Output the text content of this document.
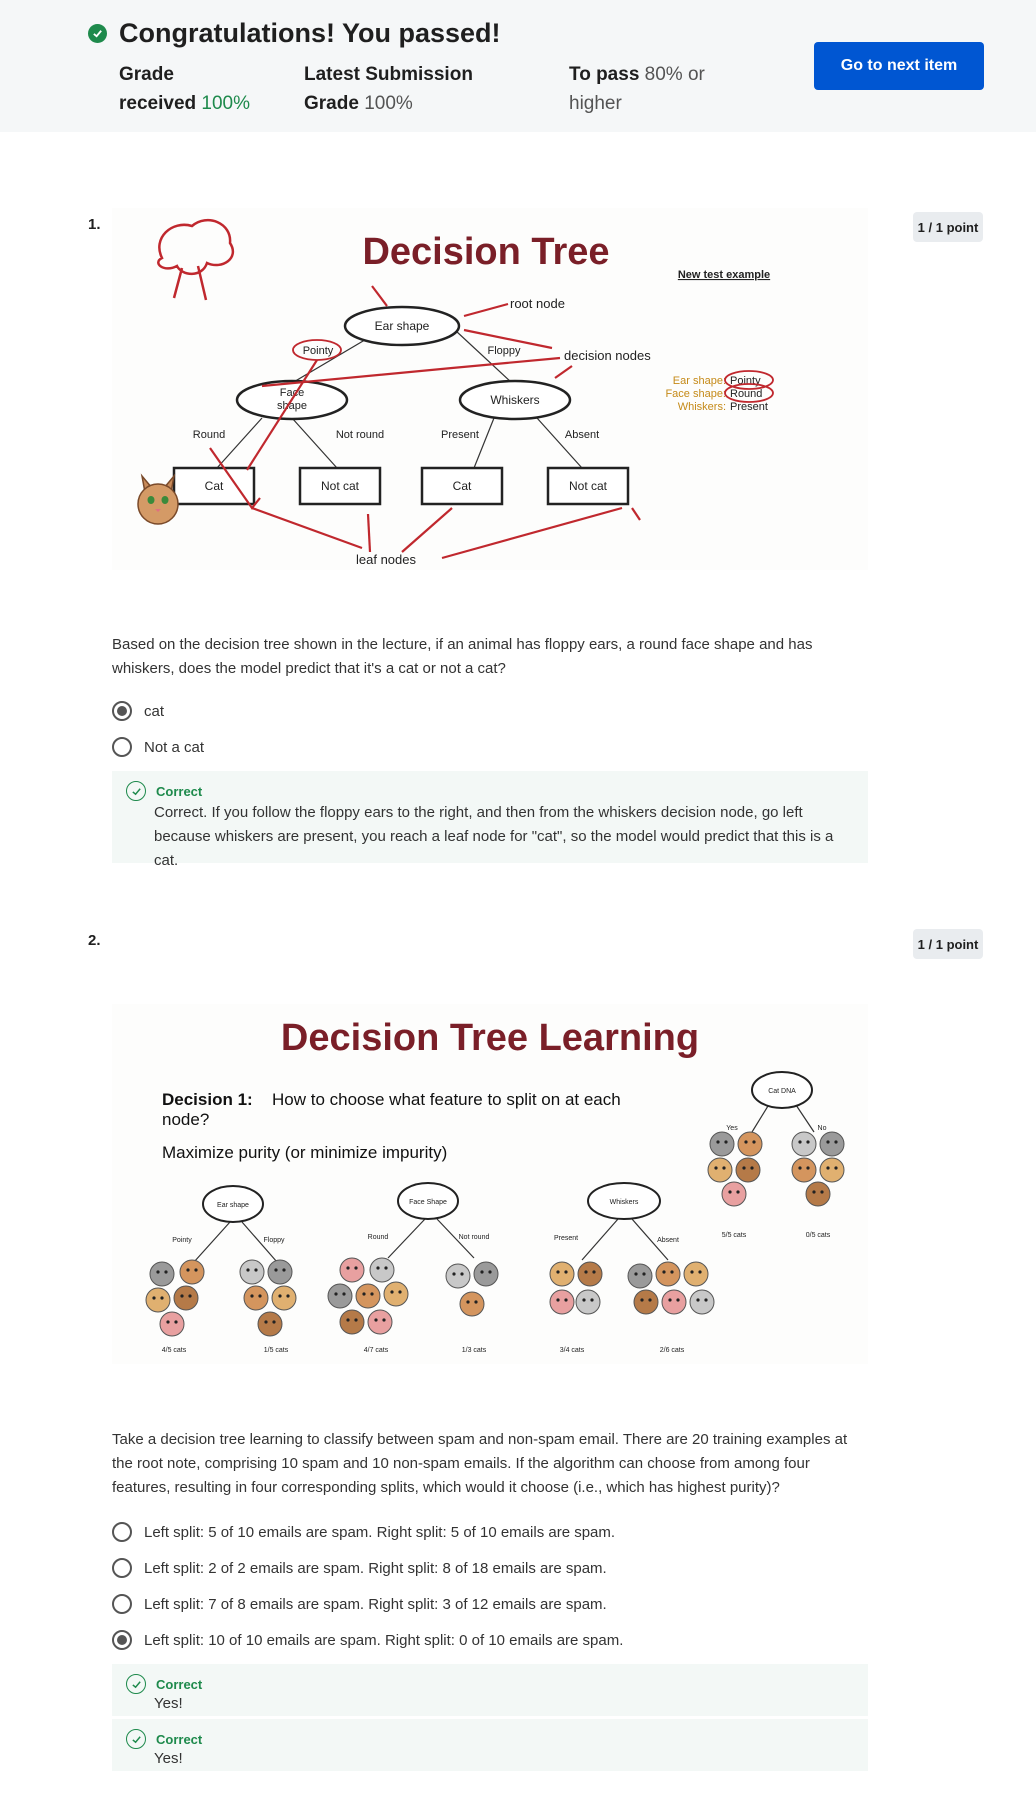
Congratulations! You passed!
Grade
received 100%
Latest Submission
Grade 100%
To pass 80% or
higher
Go to next item
1.	1 / 1 point
Decision Tree
New test example
Ear shape
Face
shape	Whiskers
Round	Not round	Present	Absent
Pointy	Floppy
Cat	Not cat	Cat	Not cat
root node
decision nodes
leaf nodes
Ear shape: Pointy
Face shape: Round
Whiskers: Present
Based on the decision tree shown in the lecture, if an animal has floppy ears, a round face shape and has whiskers, does the model predict that it's a cat or not a cat?
cat
Not a cat
Correct
Correct. If you follow the floppy ears to the right, and then from the whiskers decision node, go left because whiskers are present, you reach a leaf node for "cat", so the model would predict that this is a cat.
2.	1 / 1 point
Decision Tree Learning
Decision 1: How to choose what feature to split on at each
node?
Maximize purity (or minimize impurity)
Ear shape	Face Shape	Whiskers
Cat DNA
Pointy	Floppy	Round	Not round	Present	Absent
Yes	No
4/5 cats	1/5 cats	4/7 cats	1/3 cats	3/4 cats	2/6 cats
5/5 cats	0/5 cats
Take a decision tree learning to classify between spam and non-spam email. There are 20 training examples at the root note, comprising 10 spam and 10 non-spam emails. If the algorithm can choose from among four features, resulting in four corresponding splits, which would it choose (i.e., which has highest purity)?
Left split: 5 of 10 emails are spam. Right split: 5 of 10 emails are spam.
Left split: 2 of 2 emails are spam. Right split: 8 of 18 emails are spam.
Left split: 7 of 8 emails are spam. Right split: 3 of 12 emails are spam.
Left split: 10 of 10 emails are spam. Right split: 0 of 10 emails are spam.
Correct
Yes!
Correct
Yes!
